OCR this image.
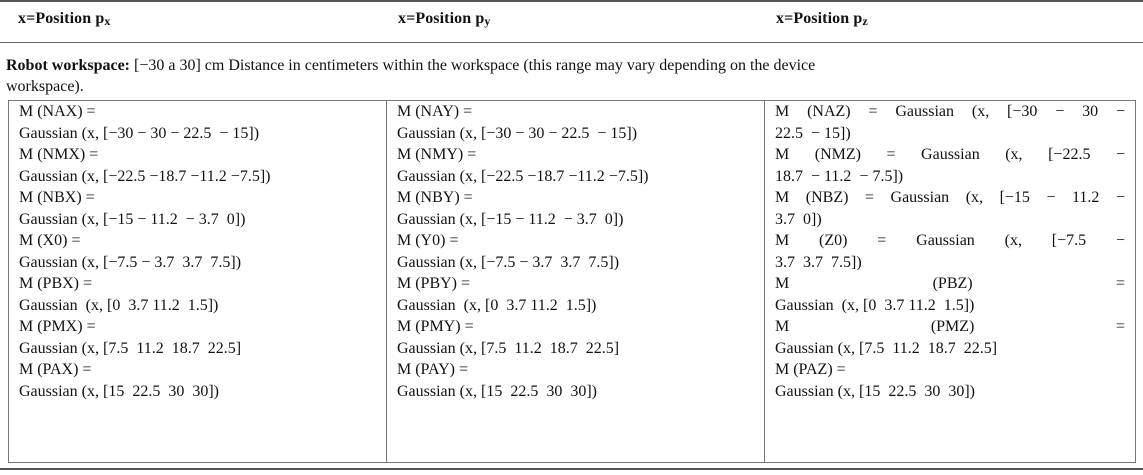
x=Position $p_x$	x=Position $p_y$	x=Position $p_z$
Robot workspace: [−30 a 30] cm Distance in centimeters within the workspace (this range may vary depending on the device
workspace).
M (NAX) =
Gaussian (x, [−30 − 30 − 22.5  − 15])
M (NMX) =
Gaussian (x, [−22.5 −18.7 −11.2 −7.5])
M (NBX) =
Gaussian (x, [−15 − 11.2  − 3.7  0])
M (X0) =
Gaussian (x, [−7.5 − 3.7  3.7  7.5])
M (PBX) =
Gaussian  (x, [0  3.7 11.2  1.5])
M (PMX) =
Gaussian (x, [7.5  11.2  18.7  22.5]
M (PAX) =
Gaussian (x, [15  22.5  30  30])
M (NAY) =
Gaussian (x, [−30 − 30 − 22.5  − 15])
M (NMY) =
Gaussian (x, [−22.5 −18.7 −11.2 −7.5])
M (NBY) =
Gaussian (x, [−15 − 11.2  − 3.7  0])
M (Y0) =
Gaussian (x, [−7.5 − 3.7  3.7  7.5])
M (PBY) =
Gaussian  (x, [0  3.7 11.2  1.5])
M (PMY) =
Gaussian (x, [7.5  11.2  18.7  22.5]
M (PAY) =
Gaussian (x, [15  22.5  30  30])
M (NAZ) = Gaussian (x, [−30 − 30 −
22.5  − 15])
M (NMZ) = Gaussian (x, [−22.5 −
18.7  − 11.2  − 7.5])
M (NBZ) = Gaussian (x, [−15 − 11.2 −
3.7  0])
M (Z0) = Gaussian (x, [−7.5 −
3.7  3.7  7.5])
M (PBZ) =
Gaussian  (x, [0  3.7 11.2  1.5])
M (PMZ) =
Gaussian (x, [7.5  11.2  18.7  22.5]
M (PAZ) =
Gaussian (x, [15  22.5  30  30])
